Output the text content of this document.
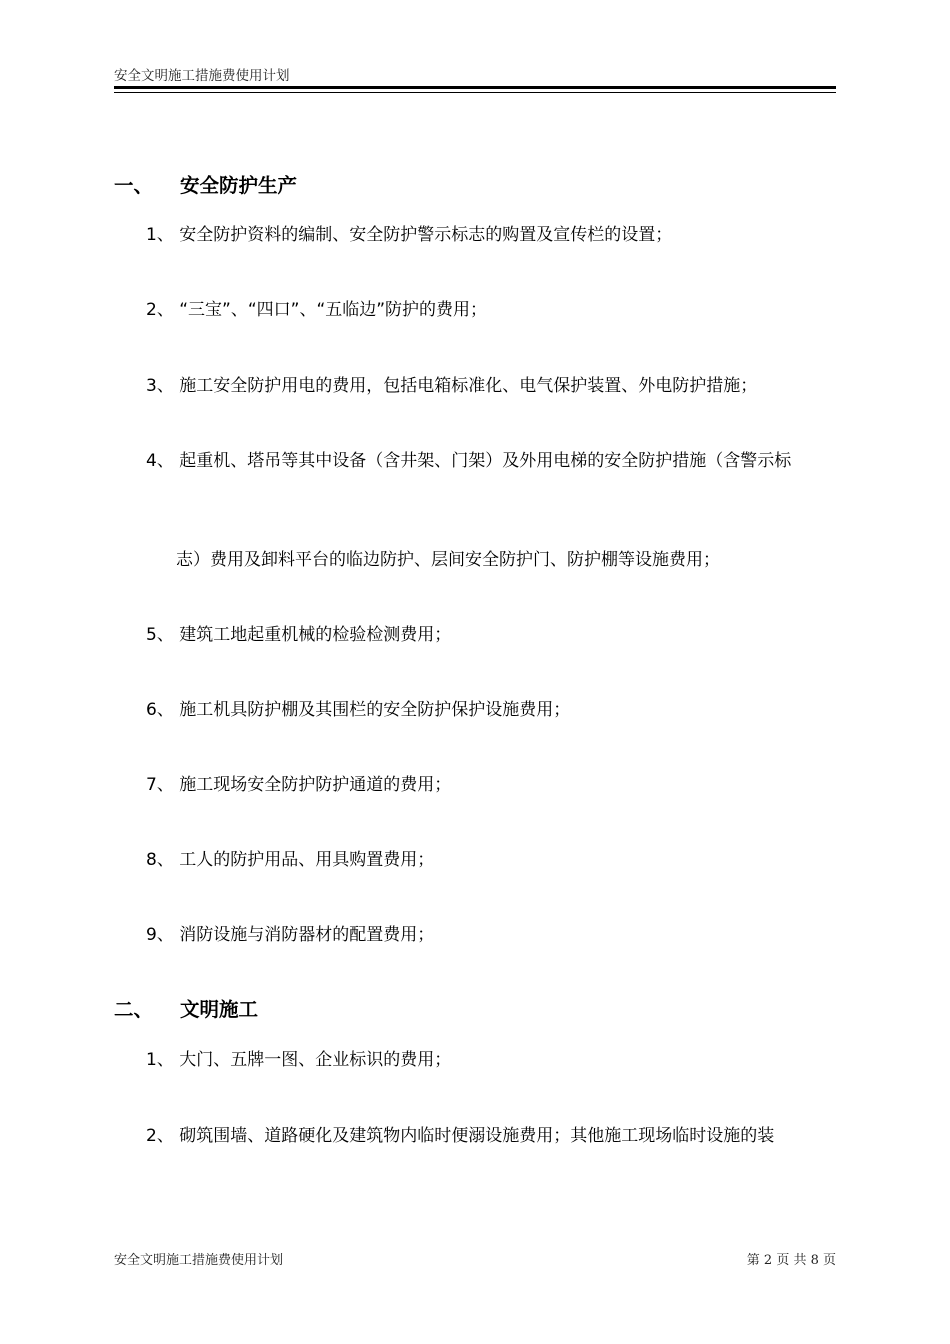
安全文明施工措施费使用计划
一、 安全防护生产
1、 安全防护资料的编制、安全防护警示标志的购置及宣传栏的设置；
2、 “三宝”、“四口”、“五临边”防护的费用；
3、 施工安全防护用电的费用，包括电箱标准化、电气保护装置、外电防护措施；
4、 起重机、塔吊等其中设备（含井架、门架）及外用电梯的安全防护措施（含警示标
志）费用及卸料平台的临边防护、层间安全防护门、防护棚等设施费用；
5、 建筑工地起重机械的检验检测费用；
6、 施工机具防护棚及其围栏的安全防护保护设施费用；
7、 施工现场安全防护防护通道的费用；
8、 工人的防护用品、用具购置费用；
9、 消防设施与消防器材的配置费用；
二、 文明施工
1、 大门、五牌一图、企业标识的费用；
2、 砌筑围墙、道路硬化及建筑物内临时便溺设施费用；其他施工现场临时设施的装
安全文明施工措施费使用计划	第 2 页 共 8 页
